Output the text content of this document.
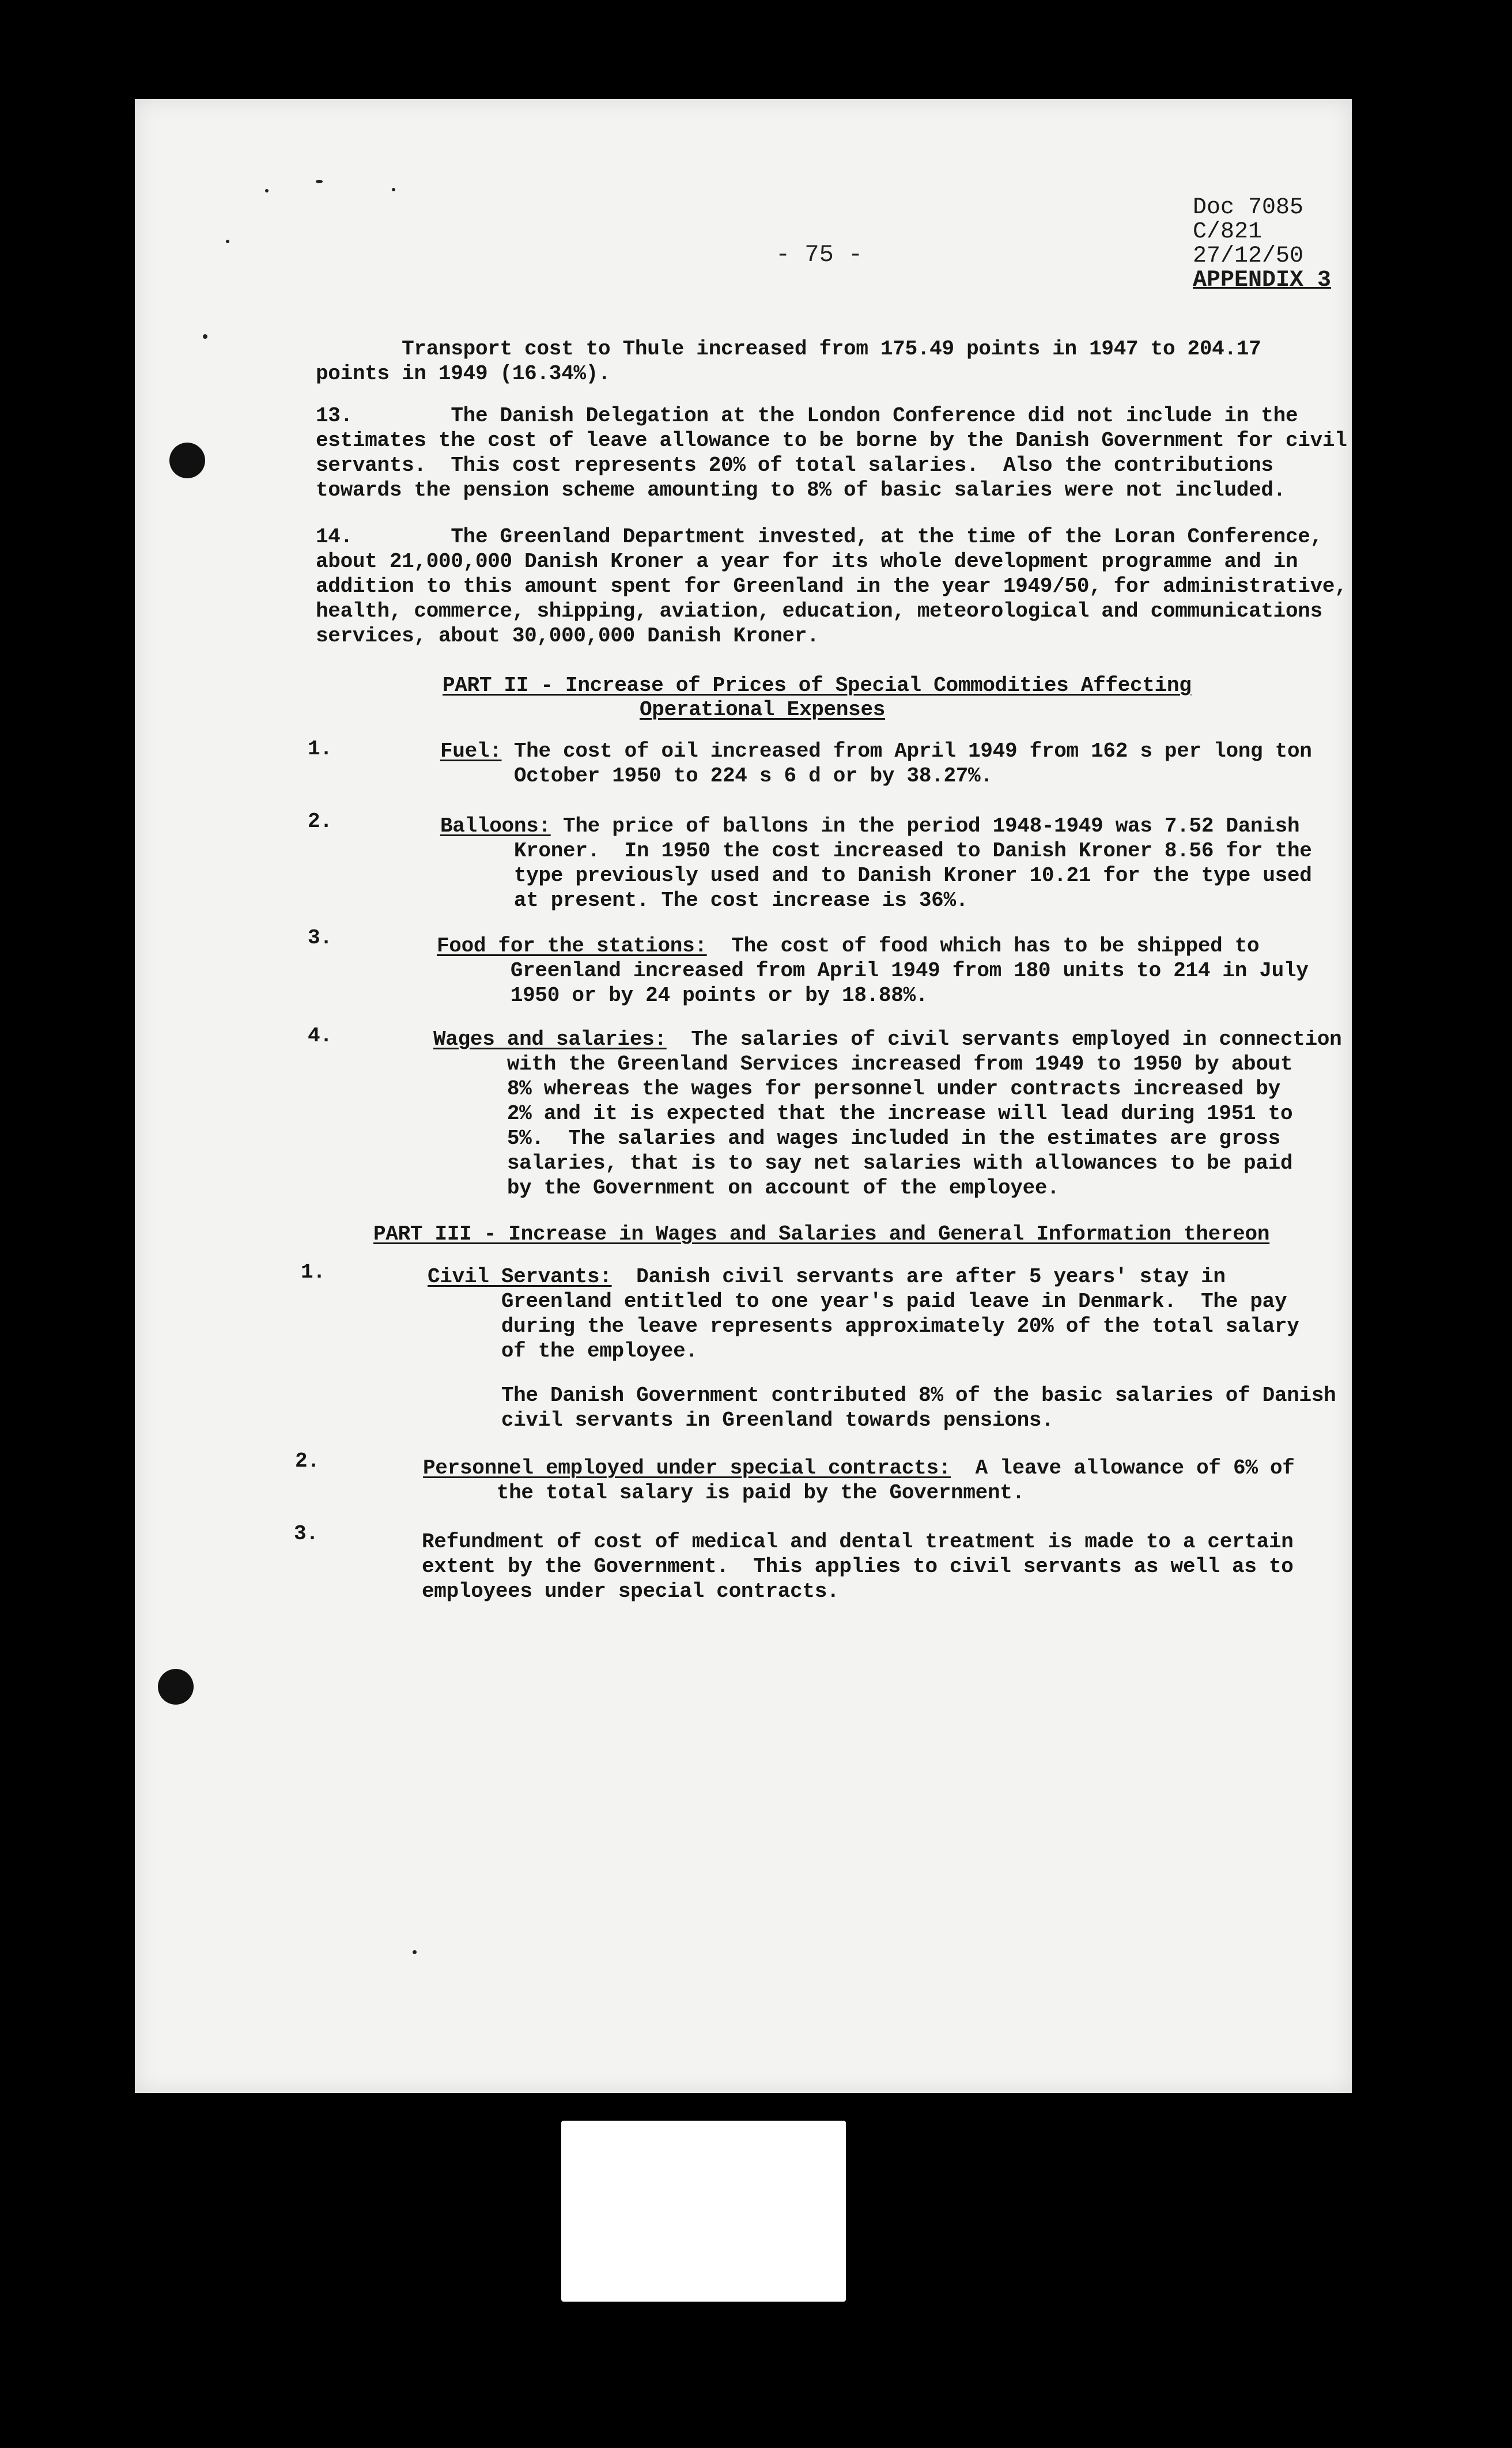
- 75 -
Doc 7085
C/821
27/12/50
APPENDIX 3
Transport cost to Thule increased from 175.49 points in 1947 to 204.17
points in 1949 (16.34%).
13.        The Danish Delegation at the London Conference did not include in the
estimates the cost of leave allowance to be borne by the Danish Government for civil
servants.  This cost represents 20% of total salaries.  Also the contributions
towards the pension scheme amounting to 8% of basic salaries were not included.
14.        The Greenland Department invested, at the time of the Loran Conference,
about 21,000,000 Danish Kroner a year for its whole development programme and in
addition to this amount spent for Greenland in the year 1949/50, for administrative,
health, commerce, shipping, aviation, education, meteorological and communications
services, about 30,000,000 Danish Kroner.
PART II - Increase of Prices of Special Commodities Affecting
Operational Expenses
1.	Fuel: The cost of oil increased from April 1949 from 162 s per long ton
October 1950 to 224 s 6 d or by 38.27%.
2.	Balloons: The price of ballons in the period 1948-1949 was 7.52 Danish
Kroner.  In 1950 the cost increased to Danish Kroner 8.56 for the
type previously used and to Danish Kroner 10.21 for the type used
at present. The cost increase is 36%.
3.	Food for the stations:  The cost of food which has to be shipped to
Greenland increased from April 1949 from 180 units to 214 in July
1950 or by 24 points or by 18.88%.
4.	Wages and salaries:  The salaries of civil servants employed in connection
with the Greenland Services increased from 1949 to 1950 by about
8% whereas the wages for personnel under contracts increased by
2% and it is expected that the increase will lead during 1951 to
5%.  The salaries and wages included in the estimates are gross
salaries, that is to say net salaries with allowances to be paid
by the Government on account of the employee.
PART III - Increase in Wages and Salaries and General Information thereon
1.	Civil Servants:  Danish civil servants are after 5 years' stay in
Greenland entitled to one year's paid leave in Denmark.  The pay
during the leave represents approximately 20% of the total salary
of the employee.
The Danish Government contributed 8% of the basic salaries of Danish
civil servants in Greenland towards pensions.
2.	Personnel employed under special contracts:  A leave allowance of 6% of
the total salary is paid by the Government.
3.	Refundment of cost of medical and dental treatment is made to a certain
extent by the Government.  This applies to civil servants as well as to
employees under special contracts.
